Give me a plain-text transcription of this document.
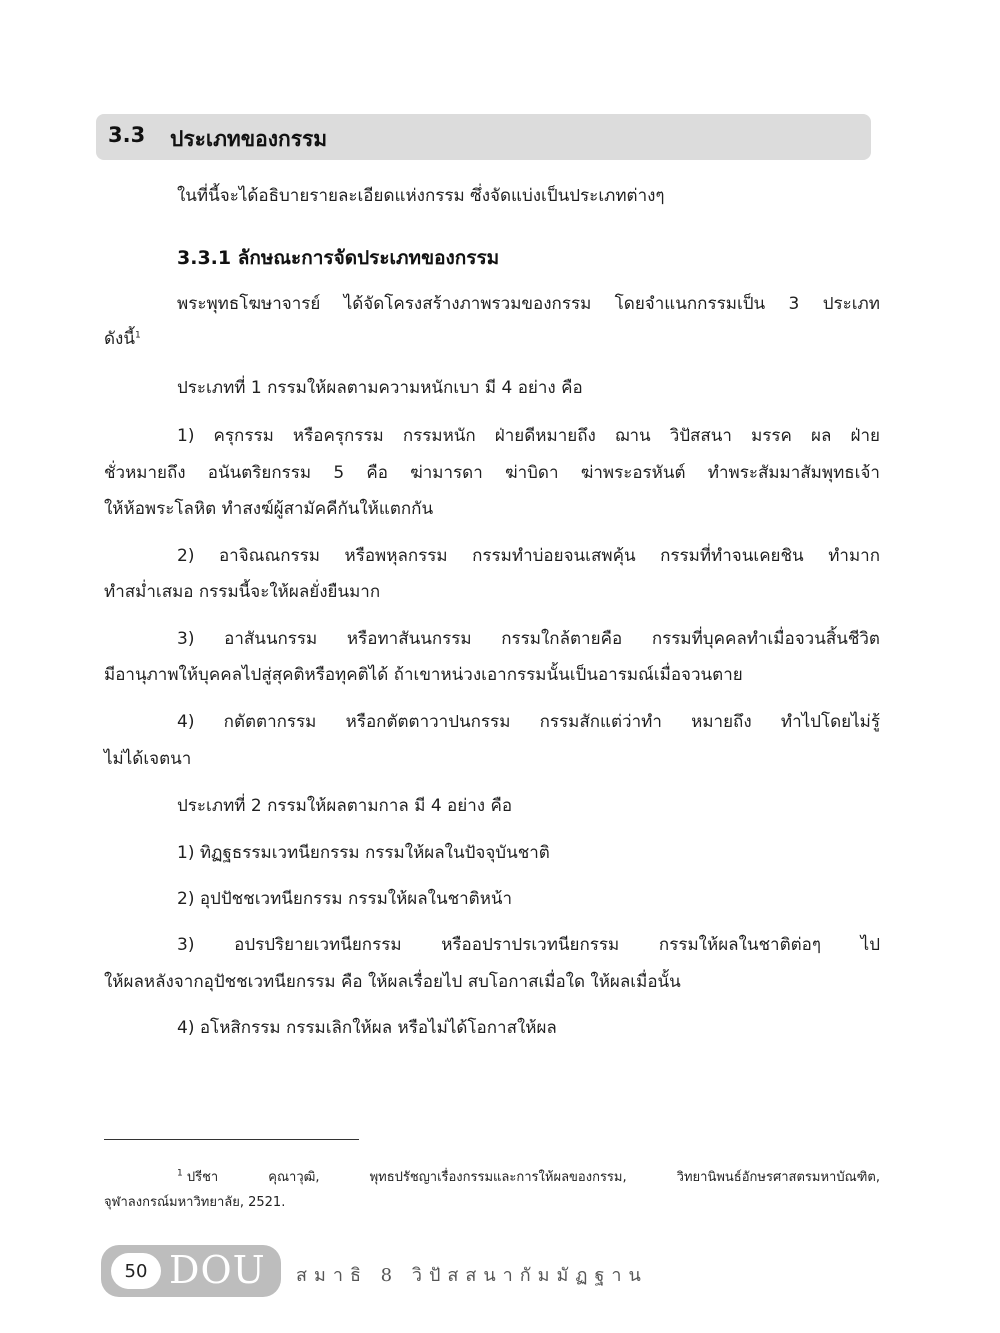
3.3 ประเภทของกรรม
ในที่นี้จะได้อธิบายรายละเอียดแห่งกรรม ซึ่งจัดแบ่งเป็นประเภทต่างๆ
3.3.1 ลักษณะการจัดประเภทของกรรม
พระพุทธโฆษาจารย์ ได้จัดโครงสร้างภาพรวมของกรรม โดยจำแนกกรรมเป็น 3 ประเภท
ดังนี้$^1$
ประเภทที่ 1 กรรมให้ผลตามความหนักเบา มี 4 อย่าง คือ
1) ครุกรรม หรือครุกรรม กรรมหนัก ฝ่ายดีหมายถึง ฌาน วิปัสสนา มรรค ผล ฝ่าย
ชั่วหมายถึง อนันตริยกรรม 5 คือ ฆ่ามารดา ฆ่าบิดา ฆ่าพระอรหันต์ ทำพระสัมมาสัมพุทธเจ้า
ให้ห้อพระโลหิต ทำสงฆ์ผู้สามัคคีกันให้แตกกัน
2) อาจิณณกรรม หรือพหุลกรรม กรรมทำบ่อยจนเสพคุ้น กรรมที่ทำจนเคยชิน ทำมาก
ทำสม่ำเสมอ กรรมนี้จะให้ผลยั่งยืนมาก
3) อาสันนกรรม หรือทาสันนกรรม กรรมใกล้ตายคือ กรรมที่บุคคลทำเมื่อจวนสิ้นชีวิต
มีอานุภาพให้บุคคลไปสู่สุคติหรือทุคติได้ ถ้าเขาหน่วงเอากรรมนั้นเป็นอารมณ์เมื่อจวนตาย
4) กตัตตากรรม หรือกตัตตาวาปนกรรม กรรมสักแต่ว่าทำ หมายถึง ทำไปโดยไม่รู้
ไม่ได้เจตนา
ประเภทที่ 2 กรรมให้ผลตามกาล มี 4 อย่าง คือ
1) ทิฏฐธรรมเวทนียกรรม กรรมให้ผลในปัจจุบันชาติ
2) อุปปัชชเวทนียกรรม กรรมให้ผลในชาติหน้า
3) อปรปริยายเวทนียกรรม หรืออปราปรเวทนียกรรม กรรมให้ผลในชาติต่อๆ ไป
ให้ผลหลังจากอุปัชชเวทนียกรรม คือ ให้ผลเรื่อยไป สบโอกาสเมื่อใด ให้ผลเมื่อนั้น
4) อโหสิกรรม กรรมเลิกให้ผล หรือไม่ได้โอกาสให้ผล
$^1$ ปรีชา	คุณาวุฒิ,	พุทธปรัชญาเรื่องกรรมและการให้ผลของกรรม,	วิทยานิพนธ์อักษรศาสตรมหาบัณฑิต,
จุฬาลงกรณ์มหาวิทยาลัย, 2521.
50 DOU สมาธิ 8 วิปัสสนากัมมัฏฐาน
